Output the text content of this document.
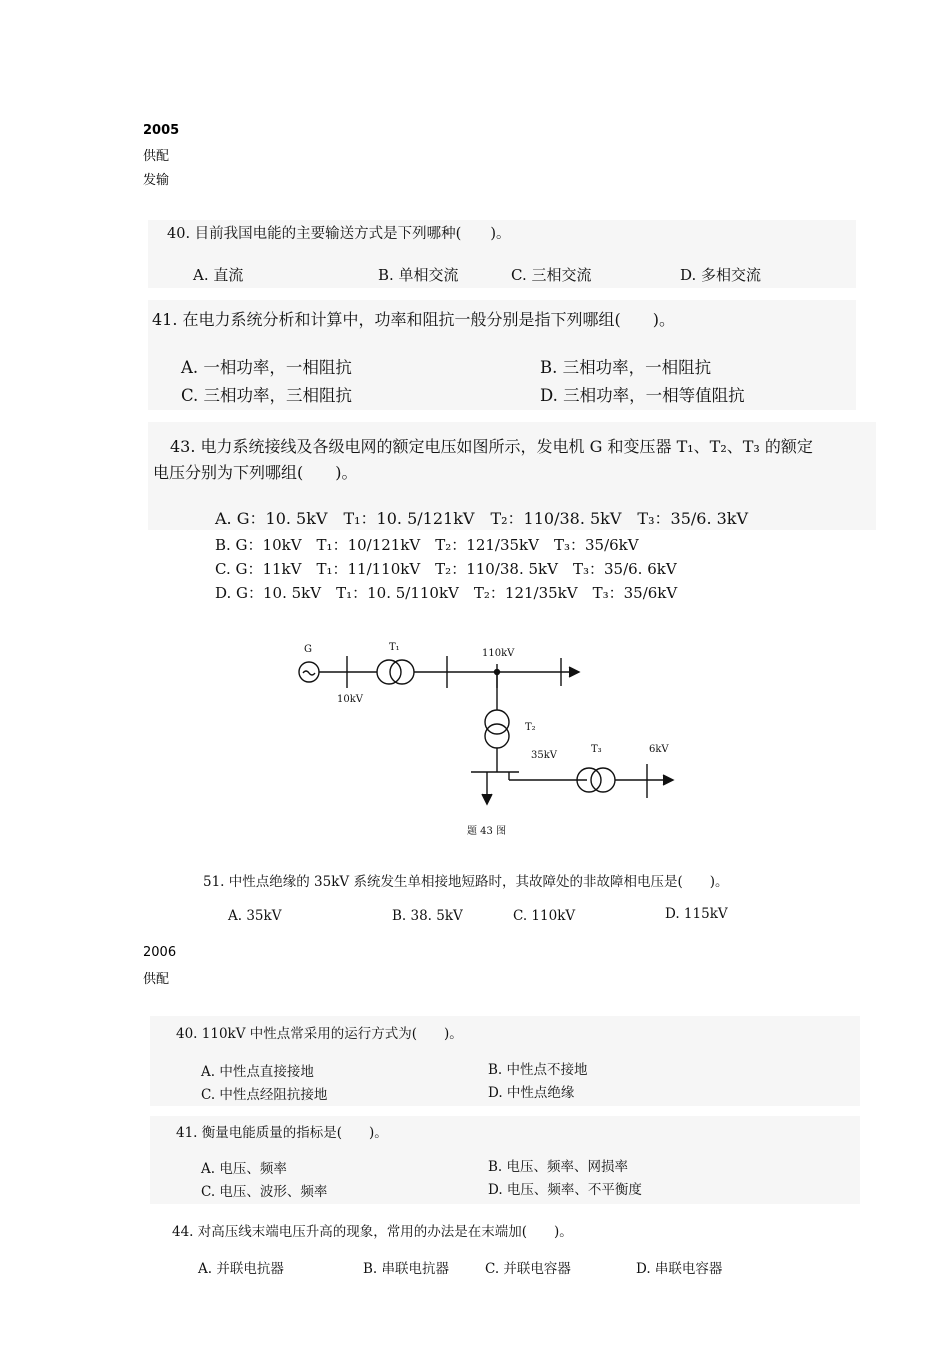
2005
供配
发输
40. 目前我国电能的主要输送方式是下列哪种(　　)。
A. 直流	B. 单相交流	C. 三相交流	D. 多相交流
41. 在电力系统分析和计算中，功率和阻抗一般分别是指下列哪组(　　)。
A. 一相功率，一相阻抗	B. 三相功率，一相阻抗
C. 三相功率，三相阻抗	D. 三相功率，一相等值阻抗
43. 电力系统接线及各级电网的额定电压如图所示，发电机 G 和变压器 T₁、T₂、T₃ 的额定
电压分别为下列哪组(　　)。
A. G：10. 5kV　T₁：10. 5/121kV　T₂：110/38. 5kV　T₃：35/6. 3kV
B. G：10kV　T₁：10/121kV　T₂：121/35kV　T₃：35/6kV
C. G：11kV　T₁：11/110kV　T₂：110/38. 5kV　T₃：35/6. 6kV
D. G：10. 5kV　T₁：10. 5/110kV　T₂：121/35kV　T₃：35/6kV
G	T₁
110kV
10kV
T₂
35kV
T₃	6kV
题 43 图
51. 中性点绝缘的 35kV 系统发生单相接地短路时，其故障处的非故障相电压是(　　)。
A. 35kV	B. 38. 5kV	C. 110kV	D. 115kV
2006
供配
40. 110kV 中性点常采用的运行方式为(　　)。
A. 中性点直接接地	B. 中性点不接地
C. 中性点经阻抗接地	D. 中性点绝缘
41. 衡量电能质量的指标是(　　)。
A. 电压、频率	B. 电压、频率、网损率
C. 电压、波形、频率	D. 电压、频率、不平衡度
44. 对高压线末端电压升高的现象，常用的办法是在末端加(　　)。
A. 并联电抗器	B. 串联电抗器	C. 并联电容器	D. 串联电容器
